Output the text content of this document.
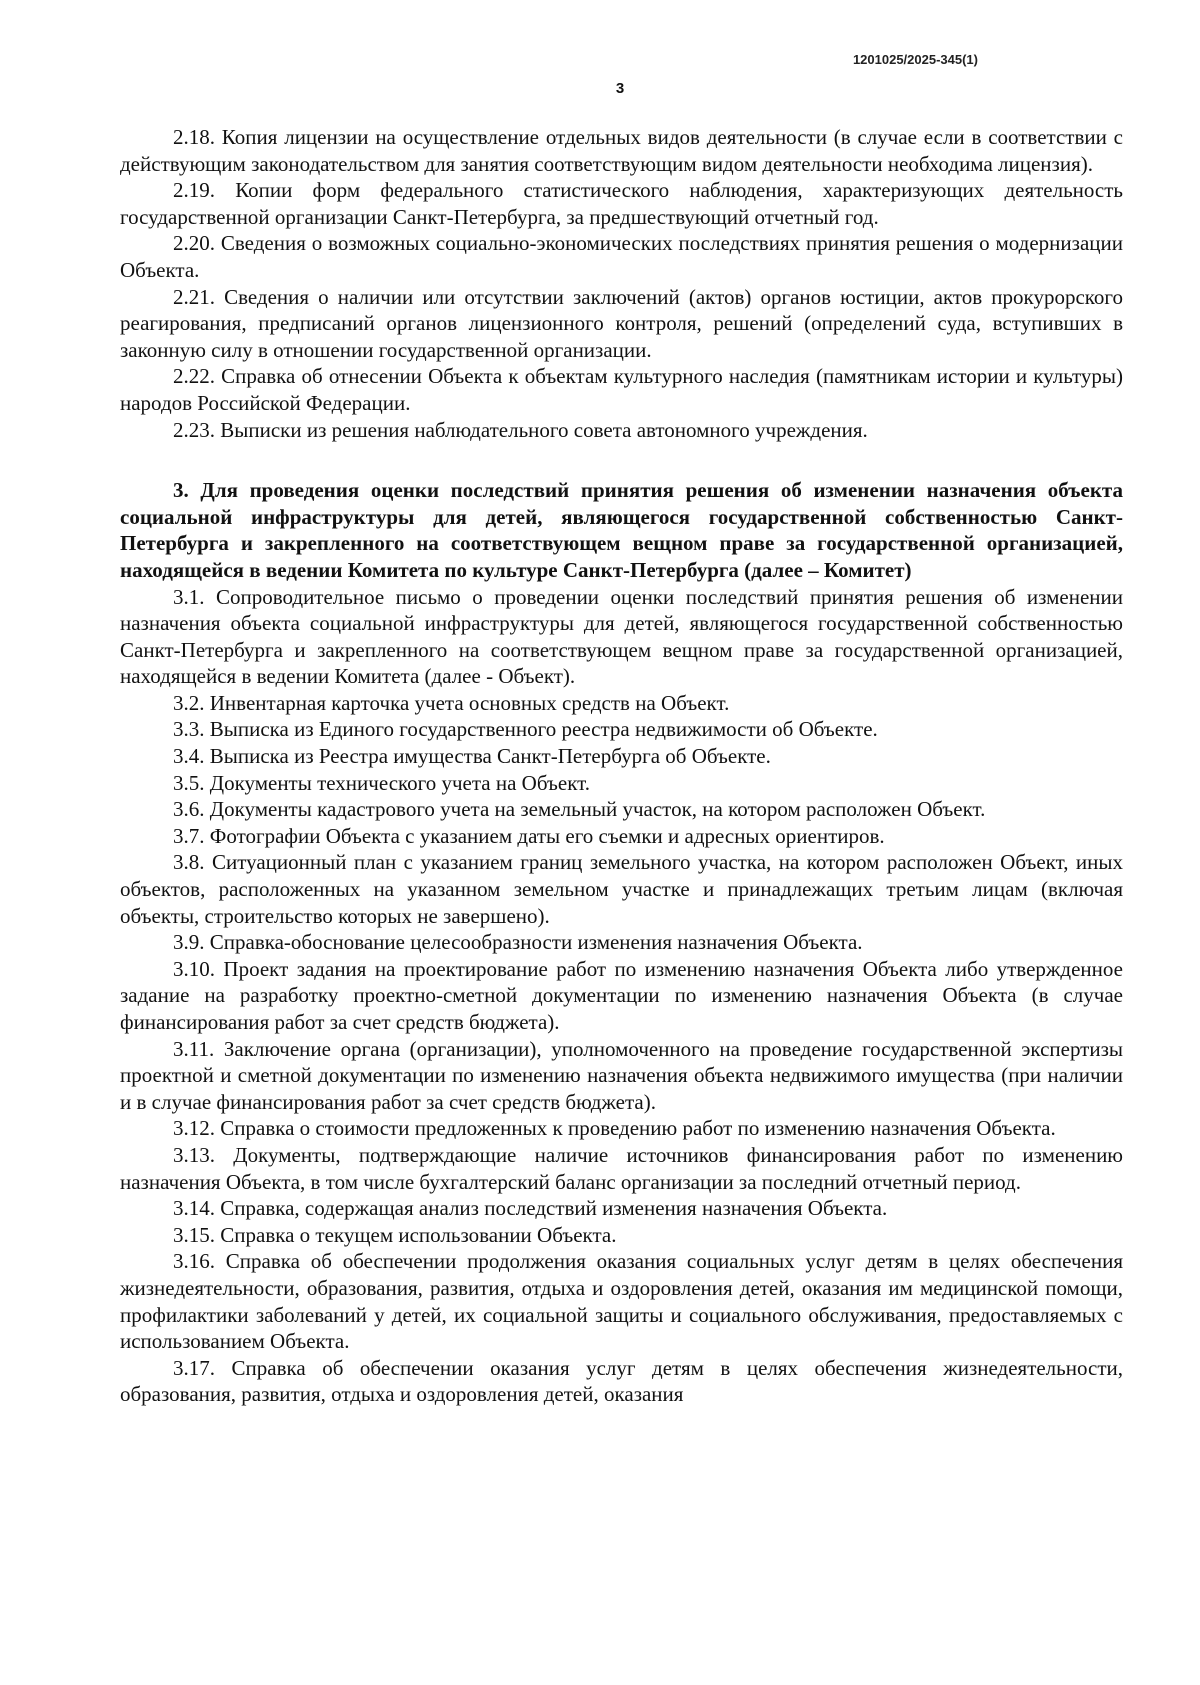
1201025/2025-345(1)
3

2.18. Копия лицензии на осуществление отдельных видов деятельности (в случае если в соответствии с действующим законодательством для занятия соответствующим видом деятельности необходима лицензия).

2.19. Копии форм федерального статистического наблюдения, характеризующих деятельность государственной организации Санкт-Петербурга, за предшествующий отчетный год.

2.20. Сведения о возможных социально-экономических последствиях принятия решения о модернизации Объекта.

2.21. Сведения о наличии или отсутствии заключений (актов) органов юстиции, актов прокурорского реагирования, предписаний органов лицензионного контроля, решений (определений суда, вступивших в законную силу в отношении государственной организации.

2.22. Справка об отнесении Объекта к объектам культурного наследия (памятникам истории и культуры) народов Российской Федерации.

2.23. Выписки из решения наблюдательного совета автономного учреждения.

3. Для проведения оценки последствий принятия решения об изменении назначения объекта социальной инфраструктуры для детей, являющегося государственной собственностью Санкт-Петербурга и закрепленного на соответствующем вещном праве за государственной организацией, находящейся в ведении Комитета по культуре Санкт-Петербурга (далее – Комитет)

3.1. Сопроводительное письмо о проведении оценки последствий принятия решения об изменении назначения объекта социальной инфраструктуры для детей, являющегося государственной собственностью Санкт-Петербурга и закрепленного на соответствующем вещном праве за государственной организацией, находящейся в ведении Комитета (далее - Объект).

3.2. Инвентарная карточка учета основных средств на Объект.

3.3. Выписка из Единого государственного реестра недвижимости об Объекте.

3.4. Выписка из Реестра имущества Санкт-Петербурга об Объекте.

3.5. Документы технического учета на Объект.

3.6. Документы кадастрового учета на земельный участок, на котором расположен Объект.

3.7. Фотографии Объекта с указанием даты его съемки и адресных ориентиров.

3.8. Ситуационный план с указанием границ земельного участка, на котором расположен Объект, иных объектов, расположенных на указанном земельном участке и принадлежащих третьим лицам (включая объекты, строительство которых не завершено).

3.9. Справка-обоснование целесообразности изменения назначения Объекта.

3.10. Проект задания на проектирование работ по изменению назначения Объекта либо утвержденное задание на разработку проектно-сметной документации по изменению назначения Объекта (в случае финансирования работ за счет средств бюджета).

3.11. Заключение органа (организации), уполномоченного на проведение государственной экспертизы проектной и сметной документации по изменению назначения объекта недвижимого имущества (при наличии и в случае финансирования работ за счет средств бюджета).

3.12. Справка о стоимости предложенных к проведению работ по изменению назначения Объекта.

3.13. Документы, подтверждающие наличие источников финансирования работ по изменению назначения Объекта, в том числе бухгалтерский баланс организации за последний отчетный период.

3.14. Справка, содержащая анализ последствий изменения назначения Объекта.

3.15. Справка о текущем использовании Объекта.

3.16. Справка об обеспечении продолжения оказания социальных услуг детям в целях обеспечения жизнедеятельности, образования, развития, отдыха и оздоровления детей, оказания им медицинской помощи, профилактики заболеваний у детей, их социальной защиты и социального обслуживания, предоставляемых с использованием Объекта.

3.17. Справка об обеспечении оказания услуг детям в целях обеспечения жизнедеятельности, образования, развития, отдыха и оздоровления детей, оказания
